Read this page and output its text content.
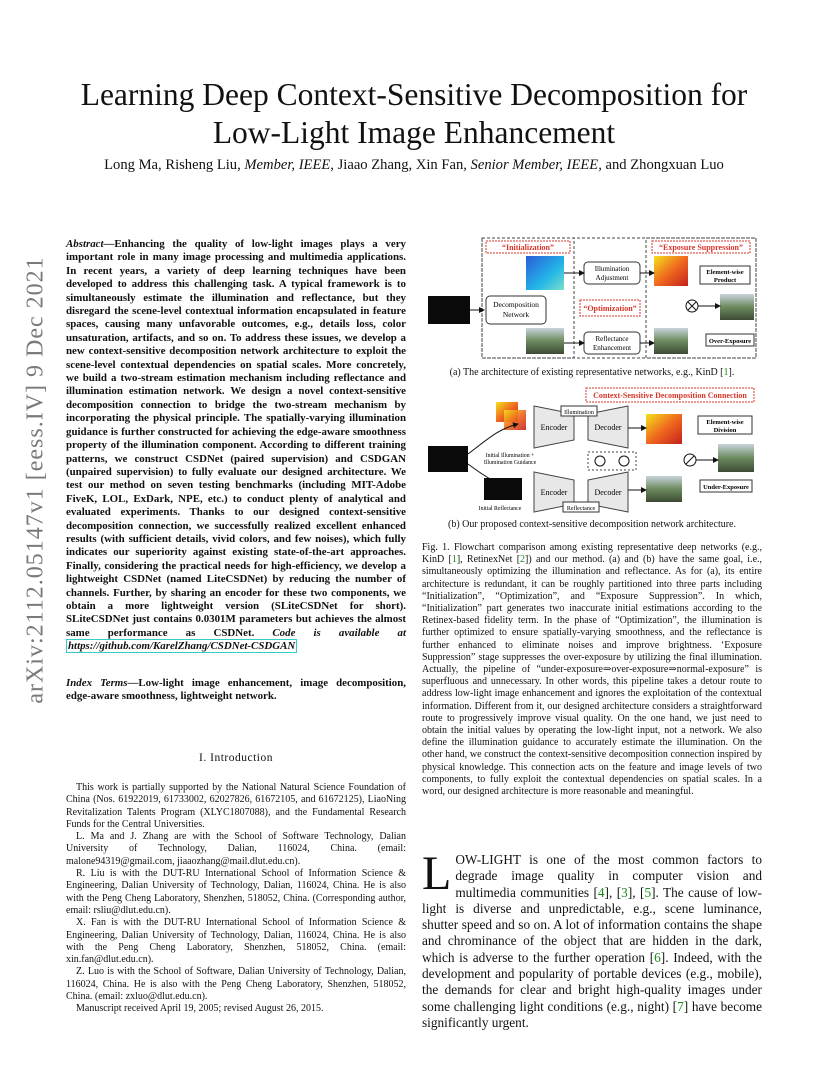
arXiv:2112.05147v1 [eess.IV] 9 Dec 2021
Learning Deep Context-Sensitive Decomposition for
Low-Light Image Enhancement
Long Ma, Risheng Liu, Member, IEEE, Jiaao Zhang, Xin Fan, Senior Member, IEEE, and Zhongxuan Luo
Abstract—Enhancing the quality of low-light images plays a very important role in many image processing and multimedia applications. In recent years, a variety of deep learning techniques have been developed to address this challenging task. A typical framework is to simultaneously estimate the illumination and reflectance, but they disregard the scene-level contextual information encapsulated in feature spaces, causing many unfavorable outcomes, e.g., details loss, color unsaturation, artifacts, and so on. To address these issues, we develop a new context-sensitive decomposition network architecture to exploit the scene-level contextual dependencies on spatial scales. More concretely, we build a two-stream estimation mechanism including reflectance and illumination estimation network. We design a novel context-sensitive decomposition connection to bridge the two-stream mechanism by incorporating the physical principle. The spatially-varying illumination guidance is further constructed for achieving the edge-aware smoothness property of the illumination component. According to different training patterns, we construct CSDNet (paired supervision) and CSDGAN (unpaired supervision) to fully evaluate our designed architecture. We test our method on seven testing benchmarks (including MIT-Adobe FiveK, LOL, ExDark, NPE, etc.) to conduct plenty of analytical and evaluated experiments. Thanks to our designed context-sensitive decomposition connection, we successfully realized excellent enhanced results (with sufficient details, vivid colors, and few noises), which fully indicates our superiority against existing state-of-the-art approaches. Finally, considering the practical needs for high-efficiency, we develop a lightweight CSDNet (named LiteCSDNet) by reducing the number of channels. Further, by sharing an encoder for these two components, we obtain a more lightweight version (SLiteCSDNet for short). SLiteCSDNet just contains 0.0301M parameters but achieves the almost same performance as CSDNet. Code is available at https://github.com/KarelZhang/CSDNet-CSDGAN
Index Terms—Low-light image enhancement, image decomposition, edge-aware smoothness, lightweight network.
I. Introduction

This work is partially supported by the National Natural Science Foundation of China (Nos. 61922019, 61733002, 62027826, 61672105, and 61672125), LiaoNing Revitalization Talents Program (XLYC1807088), and the Fundamental Research Funds for the Central Universities.

L. Ma and J. Zhang are with the School of Software Technology, Dalian University of Technology, Dalian, 116024, China. (email: malone94319@gmail.com, jiaaozhang@mail.dlut.edu.cn).

R. Liu is with the DUT-RU International School of Information Science & Engineering, Dalian University of Technology, Dalian, 116024, China. He is also with the Peng Cheng Laboratory, Shenzhen, 518052, China. (Corresponding author, email: rsliu@dlut.edu.cn).

X. Fan is with the DUT-RU International School of Information Science & Engineering, Dalian University of Technology, Dalian, 116024, China. He is also with the Peng Cheng Laboratory, Shenzhen, 518052, China. (email: xin.fan@dlut.edu.cn).

Z. Luo is with the School of Software, Dalian University of Technology, Dalian, 116024, China. He is also with the Peng Cheng Laboratory, Shenzhen, 518052, China. (email: zxluo@dlut.edu.cn).

Manuscript received April 19, 2005; revised August 26, 2015.

“Initialization”	“Exposure Suppression”
Decomposition
Network
Illumination
Adjustment
“Optimization”
Reflectance
Enhancement
Element-wise
Product
Over-Exposure
(a) The architecture of existing representative networks, e.g., KinD [1].
Context-Sensitive Decomposition Connection
Initial Illumination +
Illumination Guidance
Initial Reflectance
Encoder	Decoder
Encoder	Decoder
Illumination
Reflectance
Element-wise
Division
Under-Exposure
(b) Our proposed context-sensitive decomposition network architecture.
Fig. 1. Flowchart comparison among existing representative deep networks (e.g., KinD [1], RetinexNet [2]) and our method. (a) and (b) have the same goal, i.e., simultaneously optimizing the illumination and reflectance. As for (a), its entire architecture is redundant, it can be roughly partitioned into three parts including “Initialization”, “Optimization”, and “Exposure Suppression”. In which, “Initialization” part generates two inaccurate initial estimations according to the Retinex-based fidelity term. In the phase of “Optimization”, the illumination is further optimized to ensure spatially-varying smoothness, and the reflectance is further enhanced to eliminate noises and improve brightness. ‘Exposure Suppression” stage suppresses the over-exposure by utilizing the final illumination. Actually, the pipeline of “under-exposure⇒over-exposure⇒normal-exposure” is superfluous and unnecessary. In other words, this pipeline takes a detour route to address low-light image enhancement and ignores the exploitation of the contextual information. Different from it, our designed architecture considers a straightforward route to progressively improve visual quality. On the one hand, we just need to obtain the initial values by operating the low-light input, not a network. We also define the illumination guidance to accurately estimate the illumination. On the other hand, we construct the context-sensitive decomposition connection inspired by physical knowledge. This connection acts on the feature and image levels of two components, to fully exploit the contextual dependencies on spatial scales. In a word, our designed architecture is more reasonable and meaningful.
LOW-LIGHT is one of the most common factors to degrade image quality in computer vision and multimedia communities [4], [3], [5]. The cause of low-light is diverse and unpredictable, e.g., scene luminance, shutter speed and so on. A lot of information contains the shape and chrominance of the object that are hidden in the dark, which is adverse to the further operation [6]. Indeed, with the development and popularity of portable devices (e.g., mobile), the demands for clear and bright high-quality images under some challenging light conditions (e.g., night) [7] have become significantly urgent.
